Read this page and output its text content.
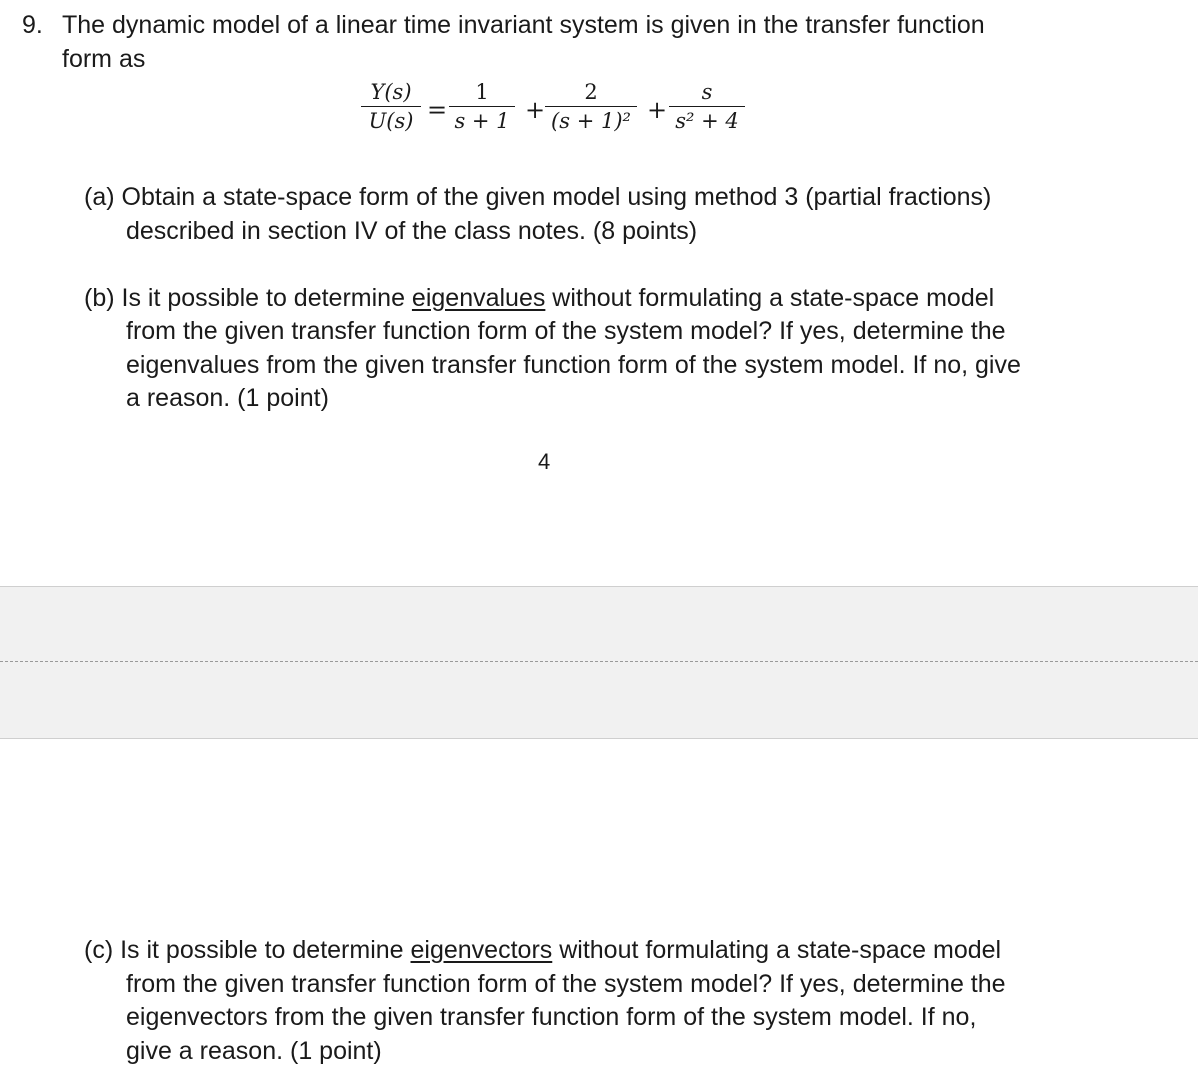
9. The dynamic model of a linear time invariant system is given in the transfer function
form as
$\frac{Y(s)}{U(s)} = \frac{1}{s + 1} + \frac{2}{\text{(s + 1)²}} + \frac{s}{\text{s² + 4}}$
(a) Obtain a state-space form of the given model using method 3 (partial fractions)
described in section IV of the class notes. (8 points)
(b) Is it possible to determine eigenvalues without formulating a state-space model
from the given transfer function form of the system model? If yes, determine the
eigenvalues from the given transfer function form of the system model. If no, give
a reason. (1 point)
4
(c) Is it possible to determine eigenvectors without formulating a state-space model
from the given transfer function form of the system model? If yes, determine the
eigenvectors from the given transfer function form of the system model. If no,
give a reason. (1 point)
